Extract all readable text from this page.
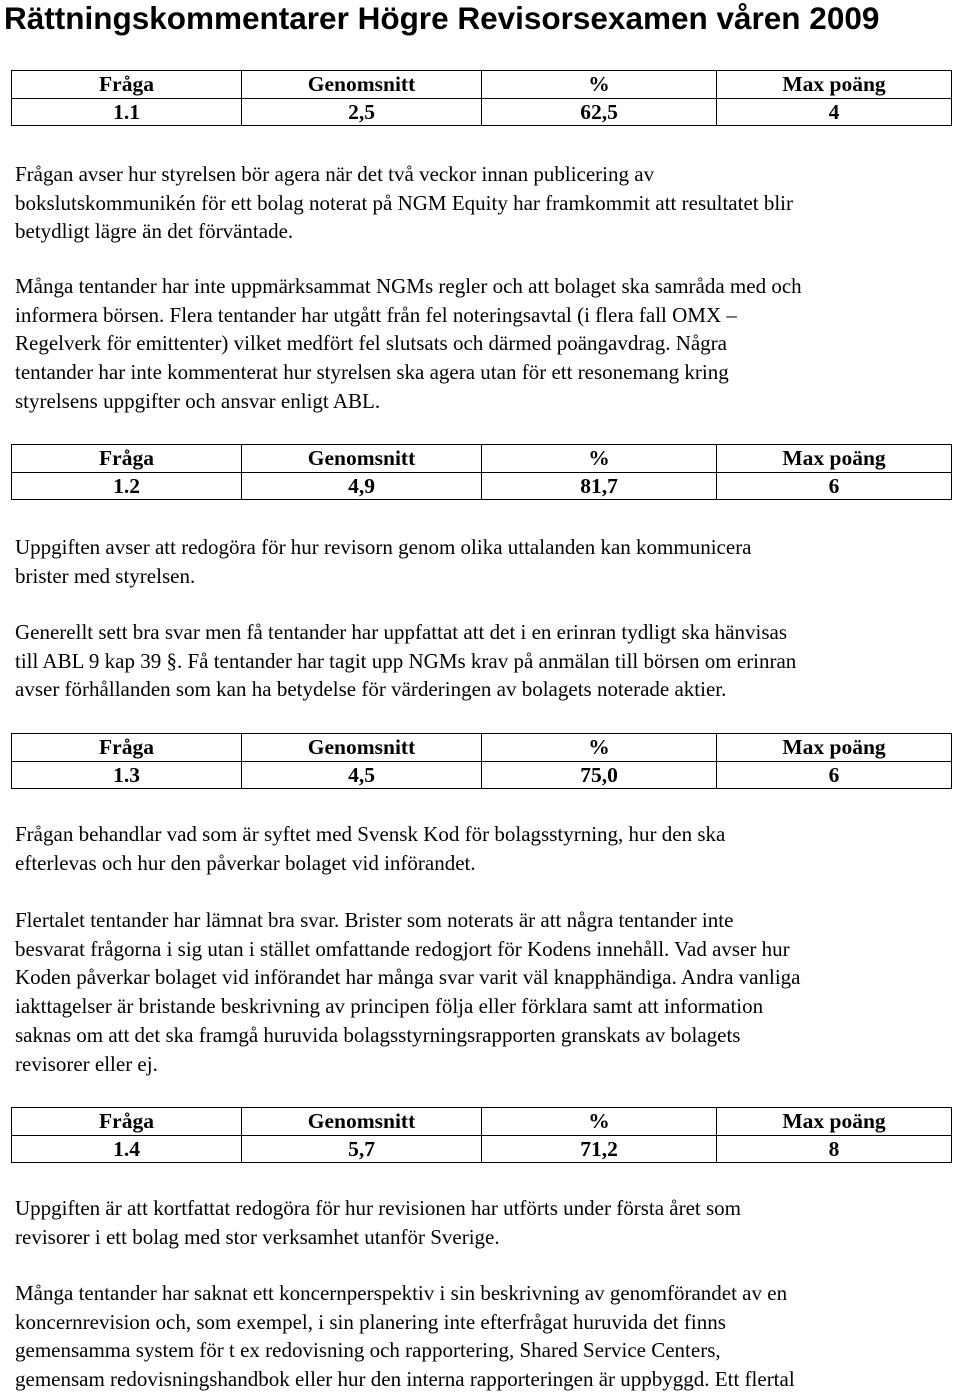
Rättningskommentarer Högre Revisorsexamen våren 2009
Fråga	Genomsnitt	%	Max poäng
1.1	2,5	62,5	4

Frågan avser hur styrelsen bör agera när det två veckor innan publicering av
bokslutskommunikén för ett bolag noterat på NGM Equity har framkommit att resultatet blir
betydligt lägre än det förväntade.

Många tentander har inte uppmärksammat NGMs regler och att bolaget ska samråda med och
informera börsen. Flera tentander har utgått från fel noteringsavtal (i flera fall OMX –
Regelverk för emittenter) vilket medfört fel slutsats och därmed poängavdrag. Några
tentander har inte kommenterat hur styrelsen ska agera utan för ett resonemang kring
styrelsens uppgifter och ansvar enligt ABL.

Fråga	Genomsnitt	%	Max poäng
1.2	4,9	81,7	6

Uppgiften avser att redogöra för hur revisorn genom olika uttalanden kan kommunicera
brister med styrelsen.

Generellt sett bra svar men få tentander har uppfattat att det i en erinran tydligt ska hänvisas
till ABL 9 kap 39 §. Få tentander har tagit upp NGMs krav på anmälan till börsen om erinran
avser förhållanden som kan ha betydelse för värderingen av bolagets noterade aktier.

Fråga	Genomsnitt	%	Max poäng
1.3	4,5	75,0	6

Frågan behandlar vad som är syftet med Svensk Kod för bolagsstyrning, hur den ska
efterlevas och hur den påverkar bolaget vid införandet.

Flertalet tentander har lämnat bra svar. Brister som noterats är att några tentander inte
besvarat frågorna i sig utan i stället omfattande redogjort för Kodens innehåll. Vad avser hur
Koden påverkar bolaget vid införandet har många svar varit väl knapphändiga. Andra vanliga
iakttagelser är bristande beskrivning av principen följa eller förklara samt att information
saknas om att det ska framgå huruvida bolagsstyrningsrapporten granskats av bolagets
revisorer eller ej.

Fråga	Genomsnitt	%	Max poäng
1.4	5,7	71,2	8

Uppgiften är att kortfattat redogöra för hur revisionen har utförts under första året som
revisorer i ett bolag med stor verksamhet utanför Sverige.

Många tentander har saknat ett koncernperspektiv i sin beskrivning av genomförandet av en
koncernrevision och, som exempel, i sin planering inte efterfrågat huruvida det finns
gemensamma system för t ex redovisning och rapportering, Shared Service Centers,
gemensam redovisningshandbok eller hur den interna rapporteringen är uppbyggd. Ett flertal
